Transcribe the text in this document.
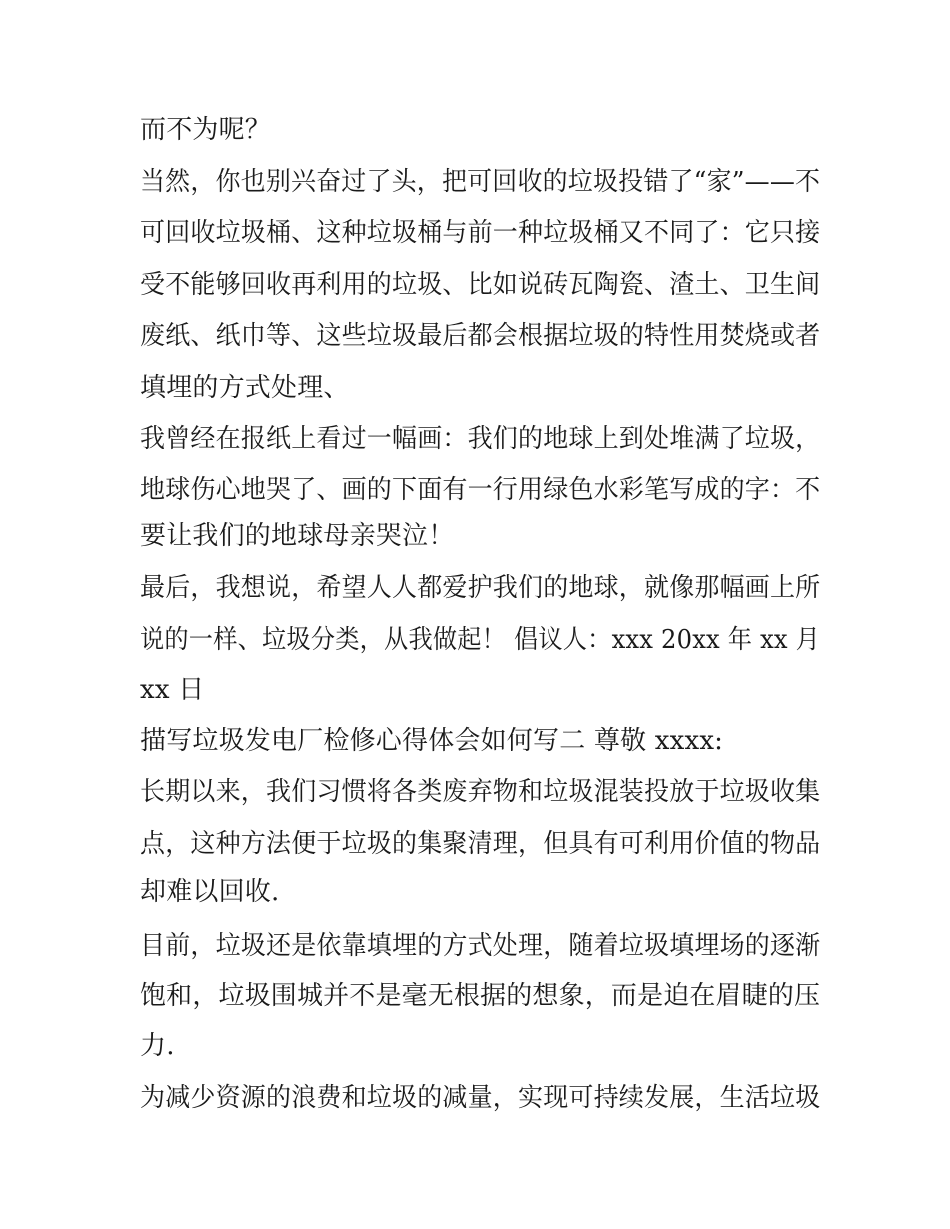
而不为呢？

当然，你也别兴奋过了头，把可回收的垃圾投错了“家”——不

可回收垃圾桶、这种垃圾桶与前一种垃圾桶又不同了：它只接

受不能够回收再利用的垃圾、比如说砖瓦陶瓷、渣土、卫生间

废纸、纸巾等、这些垃圾最后都会根据垃圾的特性用焚烧或者

填埋的方式处理、

我曾经在报纸上看过一幅画：我们的地球上到处堆满了垃圾，

地球伤心地哭了、画的下面有一行用绿色水彩笔写成的字：不

要让我们的地球母亲哭泣！

最后，我想说，希望人人都爱护我们的地球，就像那幅画上所

说的一样、垃圾分类，从我做起！ 倡议人：xxx 20xx 年 xx 月

xx 日

描写垃圾发电厂检修心得体会如何写二 尊敬 xxxx:

长期以来，我们习惯将各类废弃物和垃圾混装投放于垃圾收集

点，这种方法便于垃圾的集聚清理，但具有可利用价值的物品

却难以回收.

目前，垃圾还是依靠填埋的方式处理，随着垃圾填埋场的逐渐

饱和，垃圾围城并不是毫无根据的想象，而是迫在眉睫的压

力.

为减少资源的浪费和垃圾的减量，实现可持续发展，生活垃圾
